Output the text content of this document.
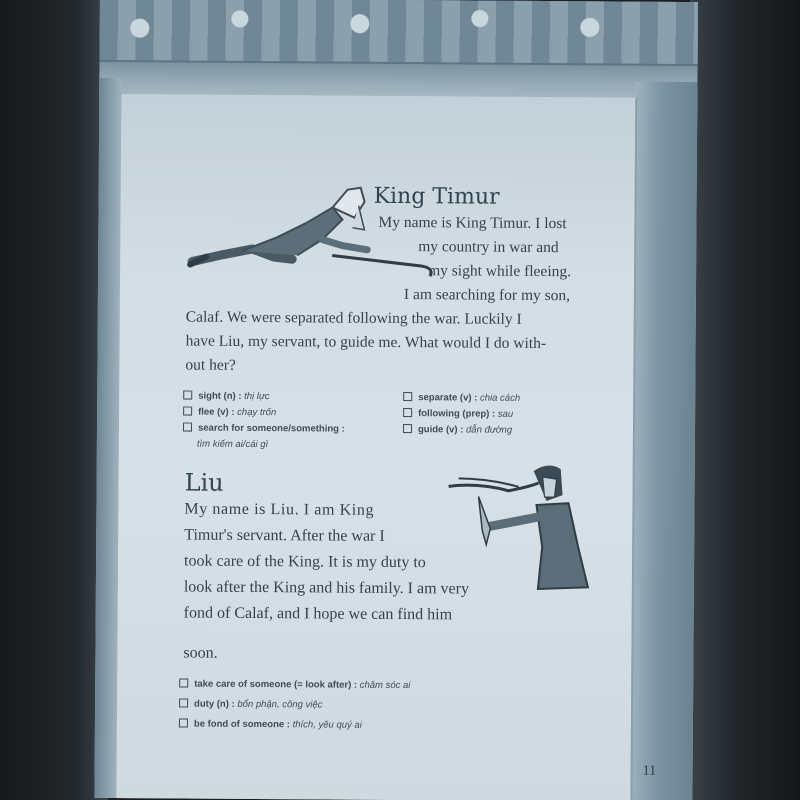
King Timur
My name is King Timur. I lost
my country in war and
my sight while fleeing.
I am searching for my son,
Calaf. We were separated following the war. Luckily I
have Liu, my servant, to guide me. What would I do with-
out her?
sight (n) : thị lực
flee (v) : chạy trốn
search for someone/something :
tìm kiếm ai/cái gì
separate (v) : chia cách
following (prep) : sau
guide (v) : dẫn đường
Liu
My name is Liu. I am King
Timur's servant. After the war I
took care of the King. It is my duty to
look after the King and his family. I am very
fond of Calaf, and I hope we can find him
soon.
take care of someone (= look after) : chăm sóc ai
duty (n) : bổn phận, công việc
be fond of someone : thích, yêu quý ai
11
